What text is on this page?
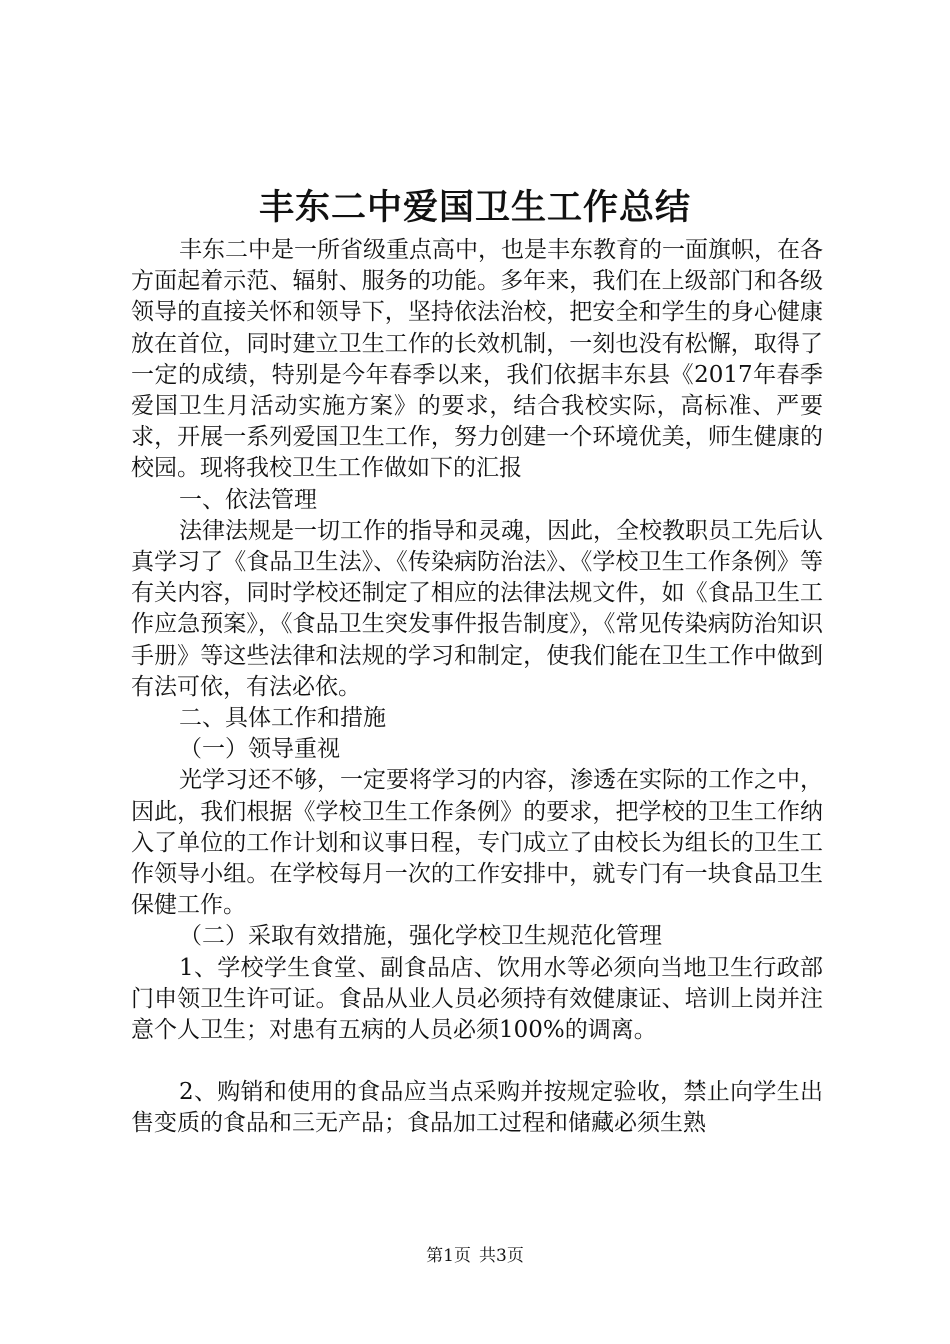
丰东二中爱国卫生工作总结

丰东二中是一所省级重点高中，也是丰东教育的一面旗帜，在各方面起着示范、辐射、服务的功能。多年来，我们在上级部门和各级领导的直接关怀和领导下，坚持依法治校，把安全和学生的身心健康放在首位，同时建立卫生工作的长效机制，一刻也没有松懈，取得了一定的成绩，特别是今年春季以来，我们依据丰东县《2017年春季爱国卫生月活动实施方案》的要求，结合我校实际，高标准、严要求，开展一系列爱国卫生工作，努力创建一个环境优美，师生健康的校园。现将我校卫生工作做如下的汇报

一、依法管理

法律法规是一切工作的指导和灵魂，因此，全校教职员工先后认真学习了《食品卫生法》、《传染病防治法》、《学校卫生工作条例》等有关内容，同时学校还制定了相应的法律法规文件，如《食品卫生工作应急预案》，《食品卫生突发事件报告制度》，《常见传染病防治知识手册》等这些法律和法规的学习和制定，使我们能在卫生工作中做到有法可依，有法必依。

二、具体工作和措施

（一）领导重视

光学习还不够，一定要将学习的内容，渗透在实际的工作之中，因此，我们根据《学校卫生工作条例》的要求，把学校的卫生工作纳入了单位的工作计划和议事日程，专门成立了由校长为组长的卫生工作领导小组。在学校每月一次的工作安排中，就专门有一块食品卫生保健工作。

（二）采取有效措施，强化学校卫生规范化管理

1、学校学生食堂、副食品店、饮用水等必须向当地卫生行政部门申领卫生许可证。食品从业人员必须持有效健康证、培训上岗并注意个人卫生；对患有五病的人员必须100%的调离。

2、购销和使用的食品应当点采购并按规定验收，禁止向学生出售变质的食品和三无产品；食品加工过程和储藏必须生熟

第1页 共3页
